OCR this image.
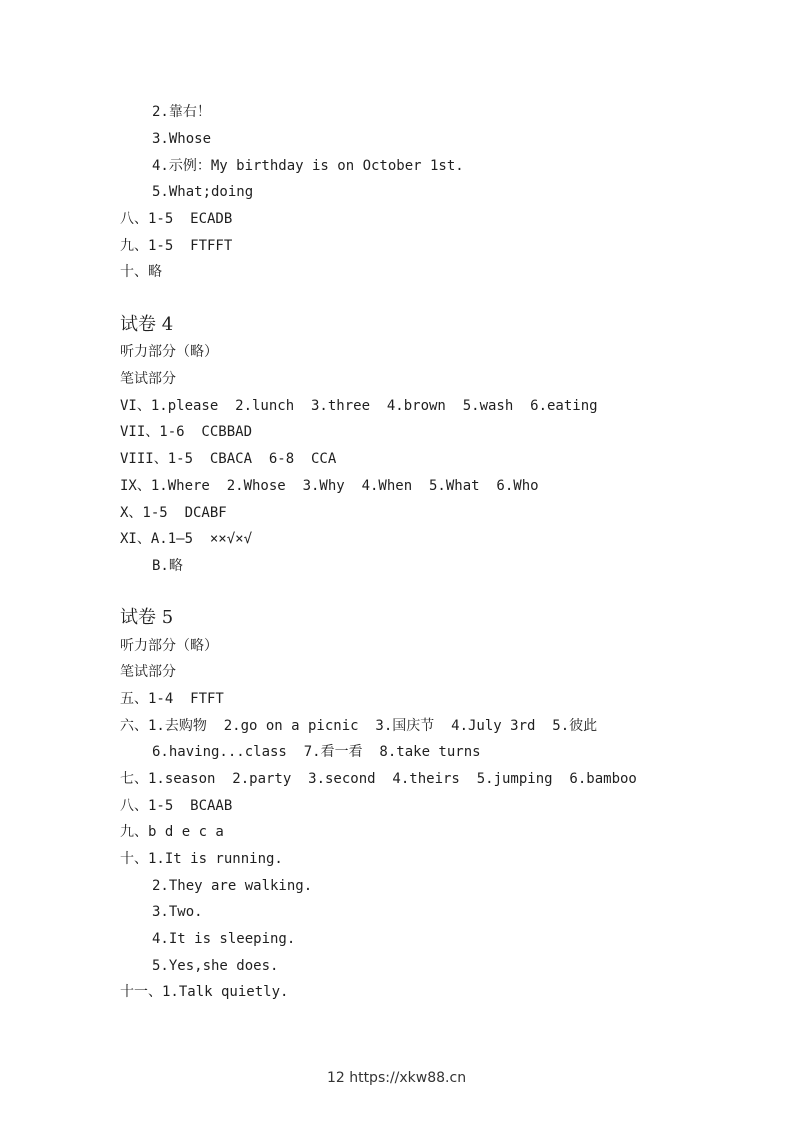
2.靠右！
3.Whose
4.示例：My birthday is on October 1st.
5.What;doing
八、1-5  ECADB
九、1-5  FTFFT
十、略
试卷 4
听力部分（略）
笔试部分
VI、1.please  2.lunch  3.three  4.brown  5.wash  6.eating
VII、1-6  CCBBAD
VIII、1-5  CBACA  6-8  CCA
IX、1.Where  2.Whose  3.Why  4.When  5.What  6.Who
X、1-5  DCABF
XI、A.1—5  ××√×√
B.略
试卷 5
听力部分（略）
笔试部分
五、1-4  FTFT
六、1.去购物  2.go on a picnic  3.国庆节  4.July 3rd  5.彼此
6.having...class  7.看一看  8.take turns
七、1.season  2.party  3.second  4.theirs  5.jumping  6.bamboo
八、1-5  BCAAB
九、b d e c a
十、1.It is running.
2.They are walking.
3.Two.
4.It is sleeping.
5.Yes,she does.
十一、1.Talk quietly.
12 https://xkw88.cn
